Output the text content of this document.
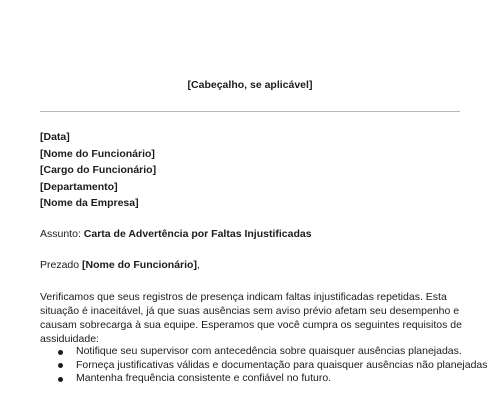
[Cabeçalho, se aplicável]
[Data]
[Nome do Funcionário]
[Cargo do Funcionário]
[Departamento]
[Nome da Empresa]
Assunto: Carta de Advertência por Faltas Injustificadas
Prezado [Nome do Funcionário],
Verificamos que seus registros de presença indicam faltas injustificadas repetidas. Esta situação é inaceitável, já que suas ausências sem aviso prévio afetam seu desempenho e causam sobrecarga à sua equipe. Esperamos que você cumpra os seguintes requisitos de assiduidade:
Notifique seu supervisor com antecedência sobre quaisquer ausências planejadas.
Forneça justificativas válidas e documentação para quaisquer ausências não planejadas
Mantenha frequência consistente e confiável no futuro.
